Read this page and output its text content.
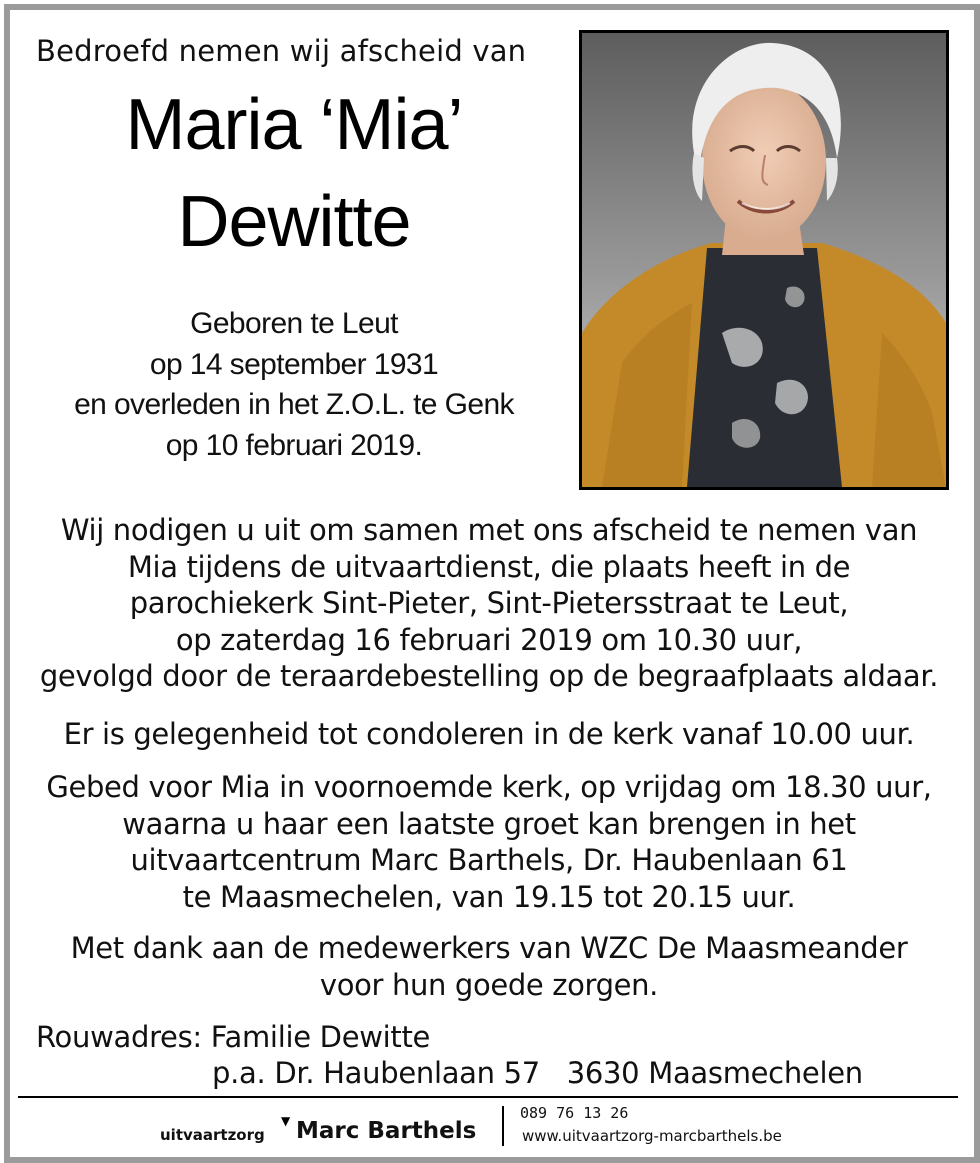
Bedroefd nemen wij afscheid van
Maria ‘Mia’
Dewitte
Geboren te Leut
op 14 september 1931
en overleden in het Z.O.L. te Genk
op 10 februari 2019.
Wij nodigen u uit om samen met ons afscheid te nemen van
Mia tijdens de uitvaartdienst, die plaats heeft in de
parochiekerk Sint-Pieter, Sint-Pietersstraat te Leut,
op zaterdag 16 februari 2019 om 10.30 uur,
gevolgd door de teraardebestelling op de begraafplaats aldaar.
Er is gelegenheid tot condoleren in de kerk vanaf 10.00 uur.
Gebed voor Mia in voornoemde kerk, op vrijdag om 18.30 uur,
waarna u haar een laatste groet kan brengen in het
uitvaartcentrum Marc Barthels, Dr. Haubenlaan 61
te Maasmechelen, van 19.15 tot 20.15 uur.
Met dank aan de medewerkers van WZC De Maasmeander
voor hun goede zorgen.
Rouwadres: Familie Dewitte
p.a. Dr. Haubenlaan 57   3630 Maasmechelen
uitvaartzorg
▼ Marc Barthels
089 76 13 26
www.uitvaartzorg-marcbarthels.be
